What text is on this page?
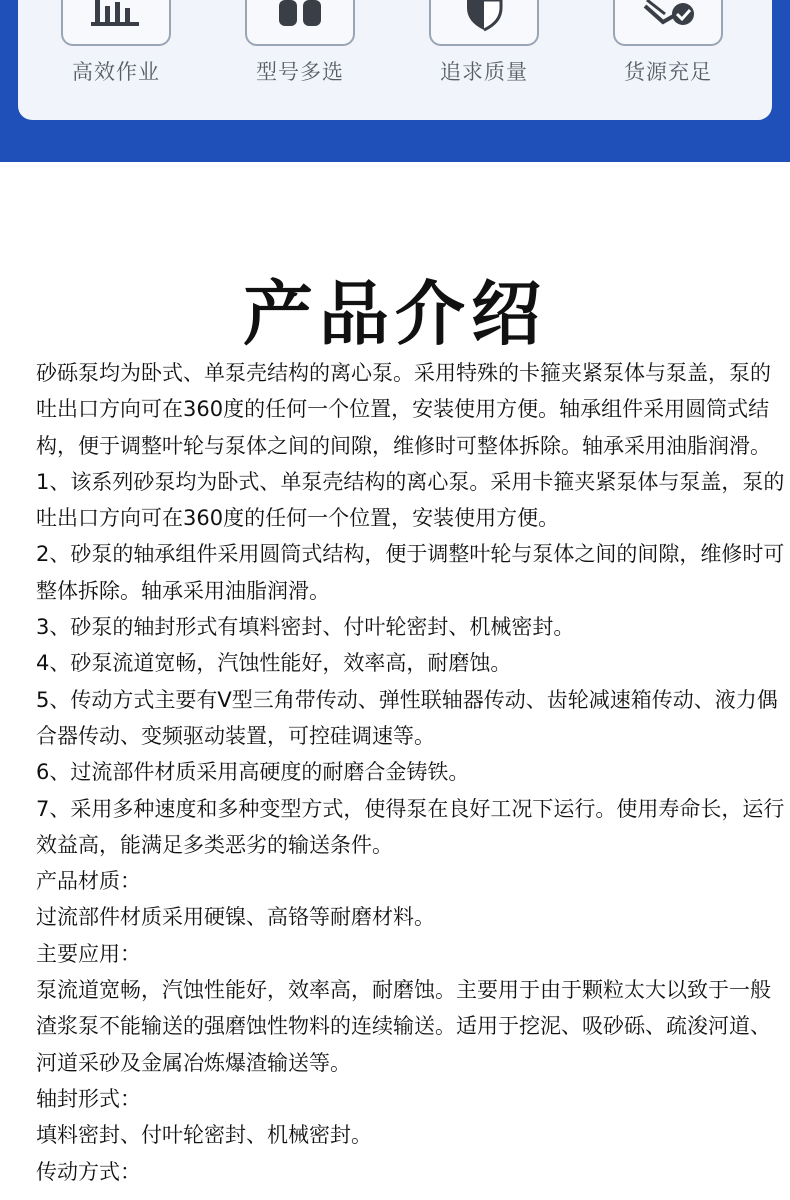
高效作业	型号多选	追求质量	货源充足
产品介绍

砂砾泵均为卧式、单泵壳结构的离心泵。采用特殊的卡箍夹紧泵体与泵盖，泵的吐出口方向可在360度的任何一个位置，安装使用方便。轴承组件采用圆筒式结构，便于调整叶轮与泵体之间的间隙，维修时可整体拆除。轴承采用油脂润滑。

1、该系列砂泵均为卧式、单泵壳结构的离心泵。采用卡箍夹紧泵体与泵盖，泵的吐出口方向可在360度的任何一个位置，安装使用方便。

2、砂泵的轴承组件采用圆筒式结构，便于调整叶轮与泵体之间的间隙，维修时可整体拆除。轴承采用油脂润滑。

3、砂泵的轴封形式有填料密封、付叶轮密封、机械密封。

4、砂泵流道宽畅，汽蚀性能好，效率高，耐磨蚀。

5、传动方式主要有V型三角带传动、弹性联轴器传动、齿轮减速箱传动、液力偶合器传动、变频驱动装置，可控硅调速等。

6、过流部件材质采用高硬度的耐磨合金铸铁。

7、采用多种速度和多种变型方式，使得泵在良好工况下运行。使用寿命长，运行效益高，能满足多类恶劣的输送条件。

产品材质：

过流部件材质采用硬镍、高铬等耐磨材料。

主要应用：

泵流道宽畅，汽蚀性能好，效率高，耐磨蚀。主要用于由于颗粒太大以致于一般渣浆泵不能输送的强磨蚀性物料的连续输送。适用于挖泥、吸砂砾、疏浚河道、河道采砂及金属冶炼爆渣输送等。

轴封形式：

填料密封、付叶轮密封、机械密封。

传动方式：
